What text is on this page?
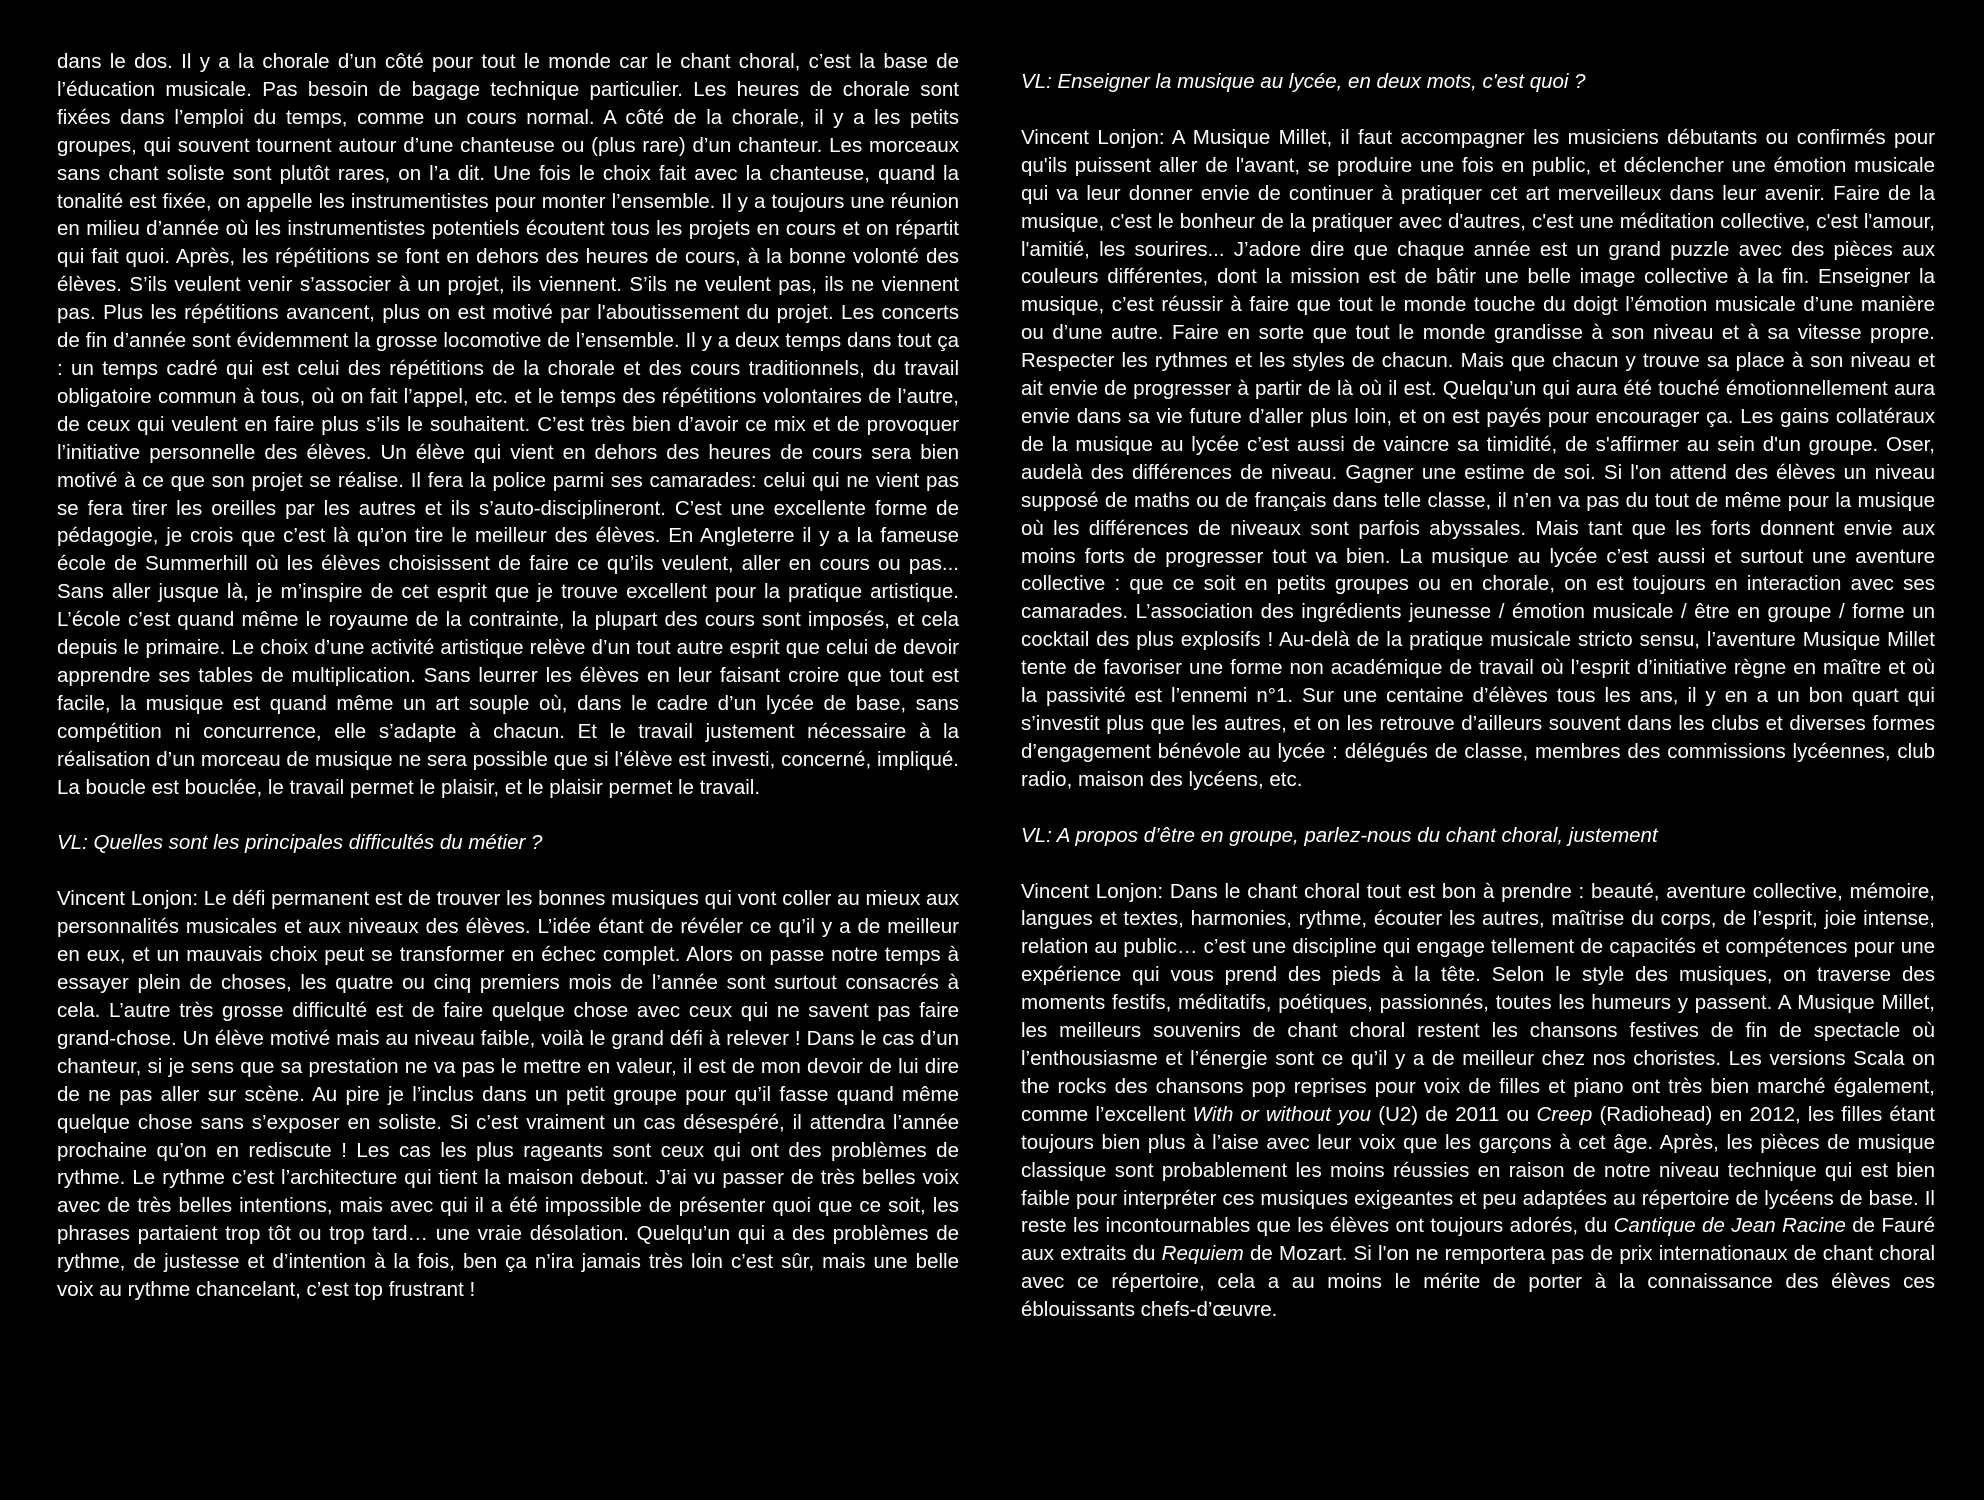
dans le dos. Il y a la chorale d’un côté pour tout le monde car le chant choral, c’est la base de l’éducation musicale. Pas besoin de bagage technique particulier. Les heures de chorale sont fixées dans l’emploi du temps, comme un cours normal. A côté de la chorale, il y a les petits groupes, qui souvent tournent autour d’une chanteuse ou (plus rare) d’un chanteur. Les morceaux sans chant soliste sont plutôt rares, on l’a dit. Une fois le choix fait avec la chanteuse, quand la tonalité est fixée, on appelle les instrumentistes pour monter l’ensemble. Il y a toujours une réunion en milieu d’année où les instrumentistes potentiels écoutent tous les projets en cours et on répartit qui fait quoi. Après, les répétitions se font en dehors des heures de cours, à la bonne volonté des élèves. S’ils veulent venir s’associer à un projet, ils viennent. S’ils ne veulent pas, ils ne viennent pas. Plus les répétitions avancent, plus on est motivé par l'aboutissement du projet. Les concerts de fin d’année sont évidemment la grosse locomotive de l’ensemble. Il y a deux temps dans tout ça : un temps cadré qui est celui des répétitions de la chorale et des cours traditionnels, du travail obligatoire commun à tous, où on fait l’appel, etc. et le temps des répétitions volontaires de l’autre, de ceux qui veulent en faire plus s’ils le souhaitent. C’est très bien d’avoir ce mix et de provoquer l’initiative personnelle des élèves. Un élève qui vient en dehors des heures de cours sera bien motivé à ce que son projet se réalise. Il fera la police parmi ses camarades: celui qui ne vient pas se fera tirer les oreilles par les autres et ils s’auto-disciplineront. C’est une excellente forme de pédagogie, je crois que c’est là qu’on tire le meilleur des élèves. En Angleterre il y a la fameuse école de Summerhill où les élèves choisissent de faire ce qu’ils veulent, aller en cours ou pas... Sans aller jusque là, je m’inspire de cet esprit que je trouve excellent pour la pratique artistique. L’école c’est quand même le royaume de la contrainte, la plupart des cours sont imposés, et cela depuis le primaire. Le choix d’une activité artistique relève d’un tout autre esprit que celui de devoir apprendre ses tables de multiplication. Sans leurrer les élèves en leur faisant croire que tout est facile, la musique est quand même un art souple où, dans le cadre d’un lycée de base, sans compétition ni concurrence, elle s’adapte à chacun. Et le travail justement nécessaire à la réalisation d’un morceau de musique ne sera possible que si l’élève est investi, concerné, impliqué. La boucle est bouclée, le travail permet le plaisir, et le plaisir permet le travail.

VL: Quelles sont les principales difficultés du métier ?

Vincent Lonjon: Le défi permanent est de trouver les bonnes musiques qui vont coller au mieux aux personnalités musicales et aux niveaux des élèves. L’idée étant de révéler ce qu’il y a de meilleur en eux, et un mauvais choix peut se transformer en échec complet. Alors on passe notre temps à essayer plein de choses, les quatre ou cinq premiers mois de l’année sont surtout consacrés à cela. L’autre très grosse difficulté est de faire quelque chose avec ceux qui ne savent pas faire grand-chose. Un élève motivé mais au niveau faible, voilà le grand défi à relever ! Dans le cas d’un chanteur, si je sens que sa prestation ne va pas le mettre en valeur, il est de mon devoir de lui dire de ne pas aller sur scène. Au pire je l’inclus dans un petit groupe pour qu’il fasse quand même quelque chose sans s’exposer en soliste. Si c’est vraiment un cas désespéré, il attendra l’année prochaine qu’on en rediscute ! Les cas les plus rageants sont ceux qui ont des problèmes de rythme. Le rythme c’est l’architecture qui tient la maison debout. J’ai vu passer de très belles voix avec de très belles intentions, mais avec qui il a été impossible de présenter quoi que ce soit, les phrases partaient trop tôt ou trop tard… une vraie désolation. Quelqu’un qui a des problèmes de rythme, de justesse et d’intention à la fois, ben ça n’ira jamais très loin c’est sûr, mais une belle voix au rythme chancelant, c’est top frustrant !

VL: Enseigner la musique au lycée, en deux mots, c'est quoi ?

Vincent Lonjon: A Musique Millet, il faut accompagner les musiciens débutants ou confirmés pour qu'ils puissent aller de l'avant, se produire une fois en public, et déclencher une émotion musicale qui va leur donner envie de continuer à pratiquer cet art merveilleux dans leur avenir. Faire de la musique, c'est le bonheur de la pratiquer avec d'autres, c'est une méditation collective, c'est l'amour, l'amitié, les sourires... J’adore dire que chaque année est un grand puzzle avec des pièces aux couleurs différentes, dont la mission est de bâtir une belle image collective à la fin. Enseigner la musique, c’est réussir à faire que tout le monde touche du doigt l’émotion musicale d’une manière ou d’une autre. Faire en sorte que tout le monde grandisse à son niveau et à sa vitesse propre. Respecter les rythmes et les styles de chacun. Mais que chacun y trouve sa place à son niveau et ait envie de progresser à partir de là où il est. Quelqu’un qui aura été touché émotionnellement aura envie dans sa vie future d’aller plus loin, et on est payés pour encourager ça. Les gains collatéraux de la musique au lycée c’est aussi de vaincre sa timidité, de s'affirmer au sein d'un groupe. Oser, audelà des différences de niveau. Gagner une estime de soi. Si l'on attend des élèves un niveau supposé de maths ou de français dans telle classe, il n’en va pas du tout de même pour la musique où les différences de niveaux sont parfois abyssales. Mais tant que les forts donnent envie aux moins forts de progresser tout va bien. La musique au lycée c’est aussi et surtout une aventure collective : que ce soit en petits groupes ou en chorale, on est toujours en interaction avec ses camarades. L’association des ingrédients jeunesse / émotion musicale / être en groupe / forme un cocktail des plus explosifs ! Au-delà de la pratique musicale stricto sensu, l’aventure Musique Millet tente de favoriser une forme non académique de travail où l’esprit d’initiative règne en maître et où la passivité est l’ennemi n°1. Sur une centaine d’élèves tous les ans, il y en a un bon quart qui s’investit plus que les autres, et on les retrouve d’ailleurs souvent dans les clubs et diverses formes d’engagement bénévole au lycée : délégués de classe, membres des commissions lycéennes, club radio, maison des lycéens, etc.

VL: A propos d’être en groupe, parlez-nous du chant choral, justement

Vincent Lonjon: Dans le chant choral tout est bon à prendre : beauté, aventure collective, mémoire, langues et textes, harmonies, rythme, écouter les autres, maîtrise du corps, de l’esprit, joie intense, relation au public… c’est une discipline qui engage tellement de capacités et compétences pour une expérience qui vous prend des pieds à la tête. Selon le style des musiques, on traverse des moments festifs, méditatifs, poétiques, passionnés, toutes les humeurs y passent. A Musique Millet, les meilleurs souvenirs de chant choral restent les chansons festives de fin de spectacle où l’enthousiasme et l’énergie sont ce qu’il y a de meilleur chez nos choristes. Les versions Scala on the rocks des chansons pop reprises pour voix de filles et piano ont très bien marché également, comme l’excellent With or without you (U2) de 2011 ou Creep (Radiohead) en 2012, les filles étant toujours bien plus à l’aise avec leur voix que les garçons à cet âge. Après, les pièces de musique classique sont probablement les moins réussies en raison de notre niveau technique qui est bien faible pour interpréter ces musiques exigeantes et peu adaptées au répertoire de lycéens de base. Il reste les incontournables que les élèves ont toujours adorés, du Cantique de Jean Racine de Fauré aux extraits du Requiem de Mozart. Si l'on ne remportera pas de prix internationaux de chant choral avec ce répertoire, cela a au moins le mérite de porter à la connaissance des élèves ces éblouissants chefs-d’œuvre.
